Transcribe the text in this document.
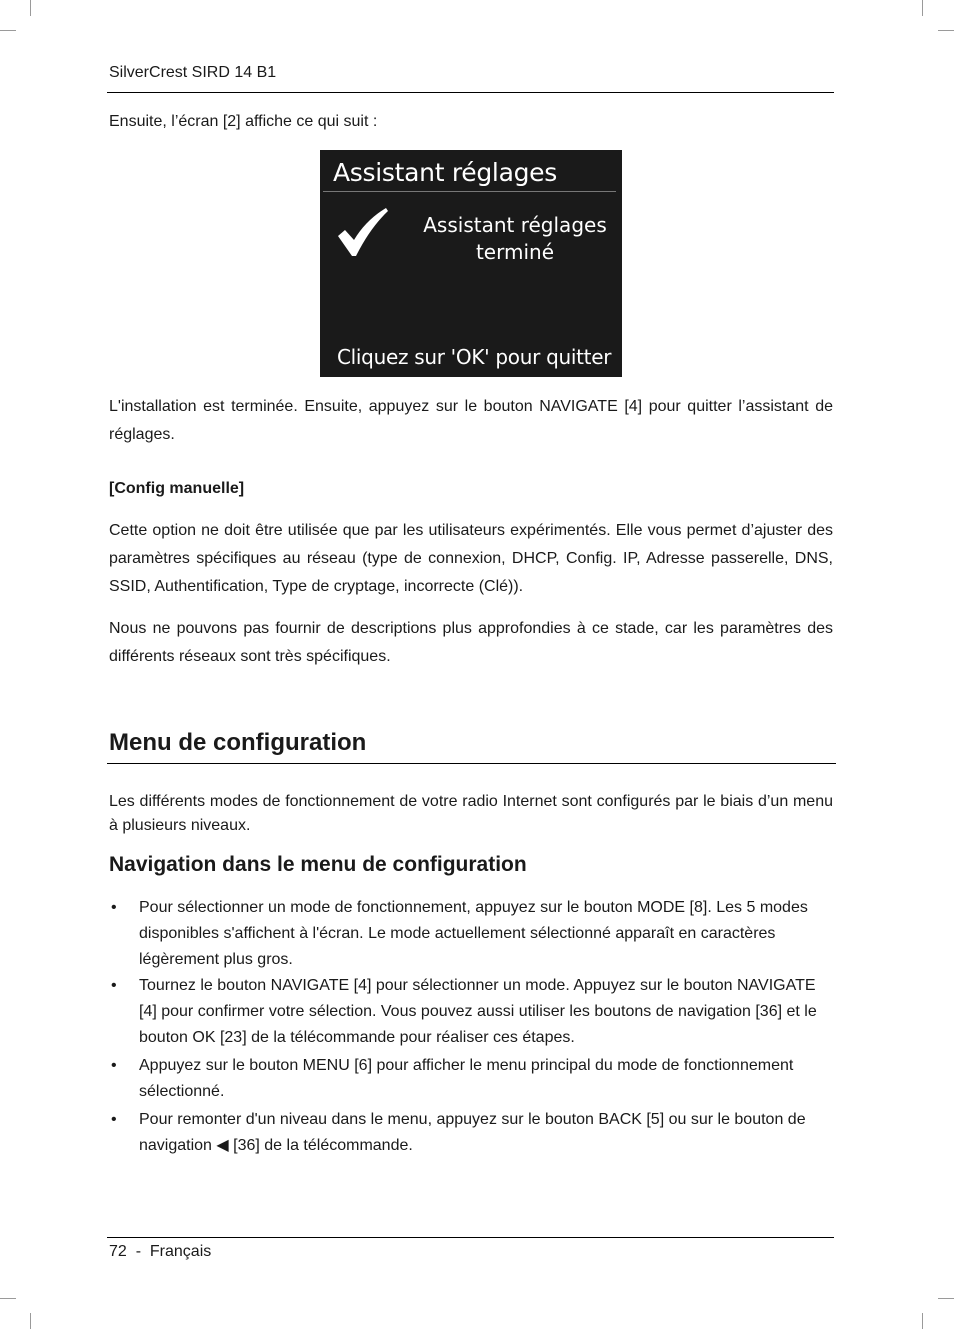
SilverCrest SIRD 14 B1

Ensuite, l’écran [2] affiche ce qui suit :

Assistant réglages
Assistant réglages
terminé
Cliquez sur 'OK' pour quitter

L'installation est terminée. Ensuite, appuyez sur le bouton NAVIGATE [4] pour quitter l’assistant de réglages.

[Config manuelle]

Cette option ne doit être utilisée que par les utilisateurs expérimentés. Elle vous permet d’ajuster des paramètres spécifiques au réseau (type de connexion, DHCP, Config. IP, Adresse passerelle, DNS, SSID, Authentification, Type de cryptage, incorrecte (Clé)).

Nous ne pouvons pas fournir de descriptions plus approfondies à ce stade, car les paramètres des différents réseaux sont très spécifiques.

Menu de configuration

Les différents modes de fonctionnement de votre radio Internet sont configurés par le biais d’un menu à plusieurs niveaux.

Navigation dans le menu de configuration
• Pour sélectionner un mode de fonctionnement, appuyez sur le bouton MODE [8]. Les 5 modes disponibles s'affichent à l'écran. Le mode actuellement sélectionné apparaît en caractères légèrement plus gros.
• Tournez le bouton NAVIGATE [4] pour sélectionner un mode. Appuyez sur le bouton NAVIGATE [4] pour confirmer votre sélection. Vous pouvez aussi utiliser les boutons de navigation [36] et le bouton OK [23] de la télécommande pour réaliser ces étapes.
• Appuyez sur le bouton MENU [6] pour afficher le menu principal du mode de fonctionnement sélectionné.
• Pour remonter d'un niveau dans le menu, appuyez sur le bouton BACK [5] ou sur le bouton de navigation ◀ [36] de la télécommande.
72  -  Français
